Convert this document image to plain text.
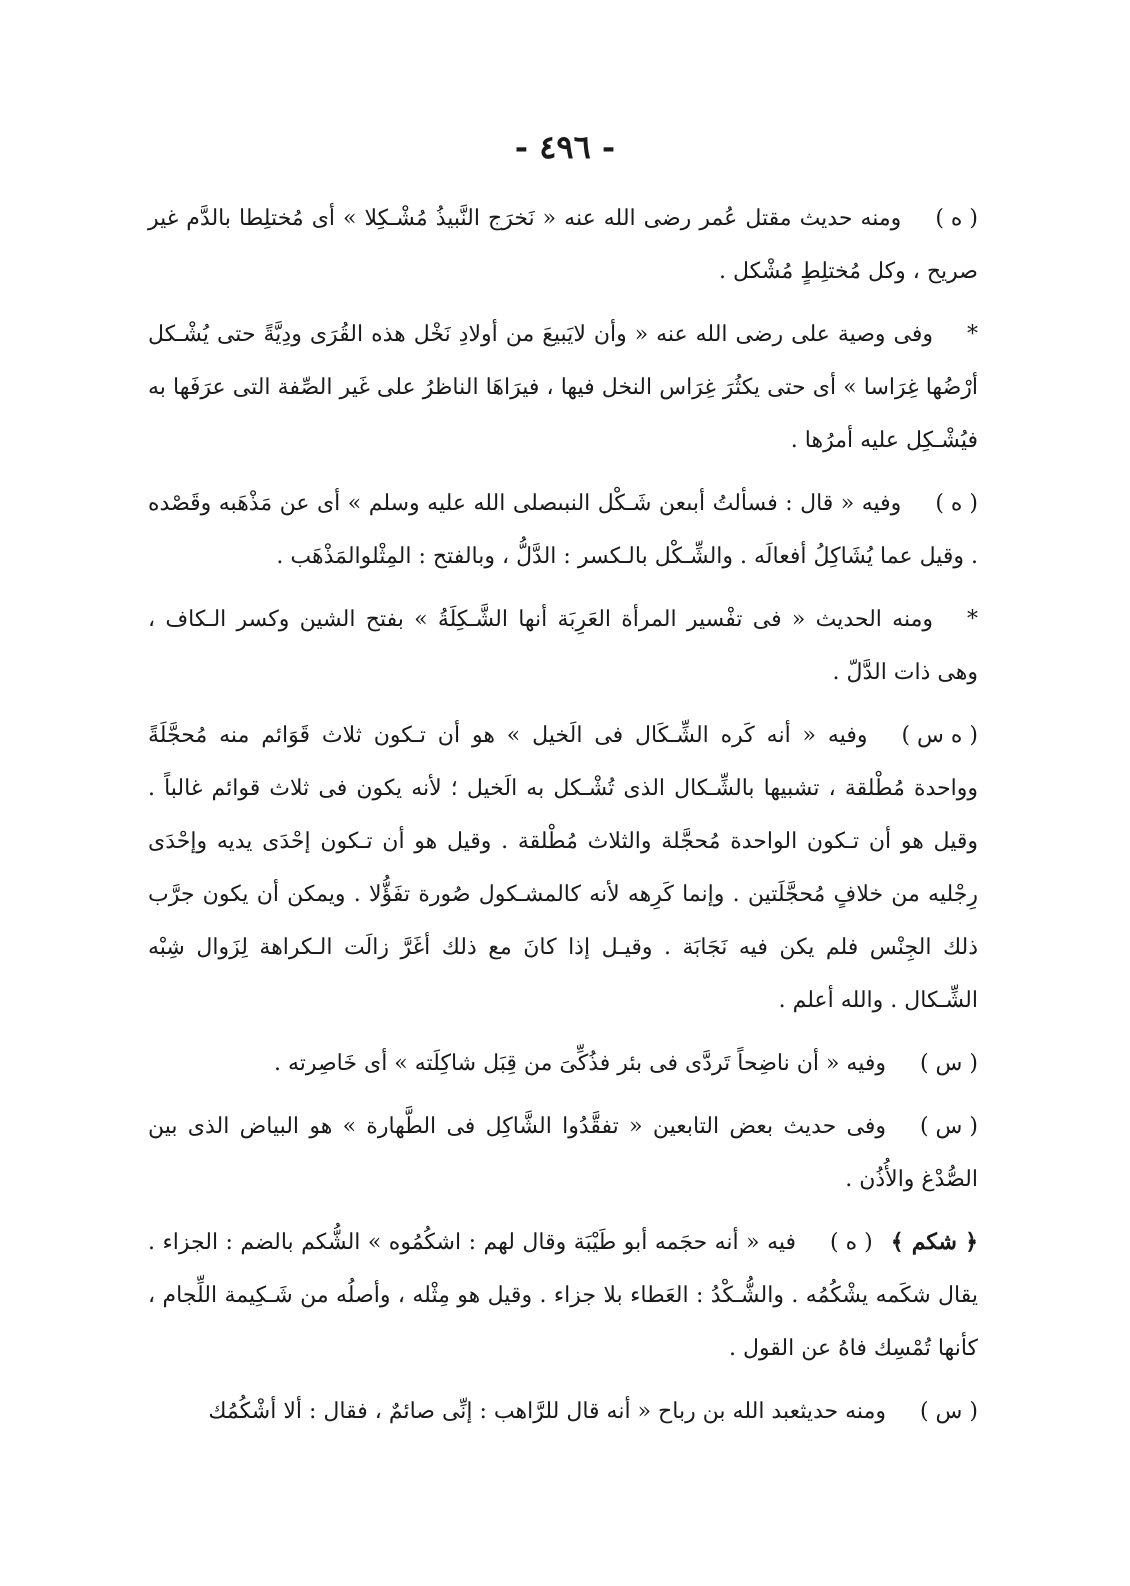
- ٤٩٦ -

( ه )ومنه حديث مقتل عُمر رضى الله عنه « نَخرَج النَّبيذُ مُشْـكِلا » أى مُختلِطا بالدَّم غير صريح ، وكل مُختلِطٍ مُشْكل .

*وفى وصية على رضى الله عنه « وأن لايَبيعَ من أولادِ نَخْل هذه القُرَى ودِيَّةً حتى يُشْـكل أرْضُها غِرَاسا » أى حتى يكثُرَ غِرَاس النخل فيها ، فيرَاهَا الناظرُ على غَير الصِّفة التى عرَفَها به فيُشْـكِل عليه أمرُها .

( ه )وفيه « قال : فسألتُ أبىعن شَـكْل النبىصلى الله عليه وسلم » أى عن مَذْهَبه وقَصْده . وقيل عما يُشَاكِلُ أفعالَه . والشِّـكْل بالـكسر : الدَّلُّ ، وبالفتح : المِثْلوالمَذْهَب .

*ومنه الحديث « فى تفْسير المرأة العَرِبَة أنها الشَّـكِلَةُ » بفتح الشين وكسر الـكاف ، وهى ذات الدَّلّ .

( ه س )وفيه « أنه كَره الشِّـكَال فى الَخيل » هو أن تـكون ثلاث قَوَائم منه مُحجَّلَةً وواحدة مُطْلقة ، تشبيها بالشِّـكال الذى تُشْـكل به الَخيل ؛ لأنه يكون فى ثلاث قوائم غالباً . وقيل هو أن تـكون الواحدة مُحجَّلة والثلاث مُطْلقة . وقيل هو أن تـكون إحْدَى يديه وإحْدَى رِجْليه من خلافٍ مُحجَّلَتين . وإنما كَرِهه لأنه كالمشـكول صُورة تفَؤُّلا . ويمكن أن يكون جرَّب ذلك الجِنْس فلم يكن فيه نَجَابَة . وقيـل إذا كانَ مع ذلك أغَرَّ زالَت الـكراهة لِزَوال شِبْه الشِّـكال . والله أعلم .

( س )وفيه « أن ناضِحاً تَردَّى فى بئر فذُكِّىَ من قِبَل شاكِلَته » أى خَاصِرته .

( س )وفى حديث بعض التابعين « تفقَّدُوا الشَّاكِل فى الطَّهارة » هو البياض الذى بين الصُّدْغ والأُذُن .

﴿ شكم ﴾( ه )فيه « أنه حجَمه أبو طَيْبَة وقال لهم : اشكُمُوه » الشُّكم بالضم : الجزاء . يقال شكَمه يشْكُمُه . والشُّـكْدُ : العَطاء بلا جزاء . وقيل هو مِثْله ، وأصلُه من شَـكِيمة اللِّجام ، كأنها تُمْسِك فاهُ عن القول .

( س )ومنه حديثعبد الله بن رباح « أنه قال للرَّاهب : إنِّى صائمٌ ، فقال : ألا أشْكُمُك
